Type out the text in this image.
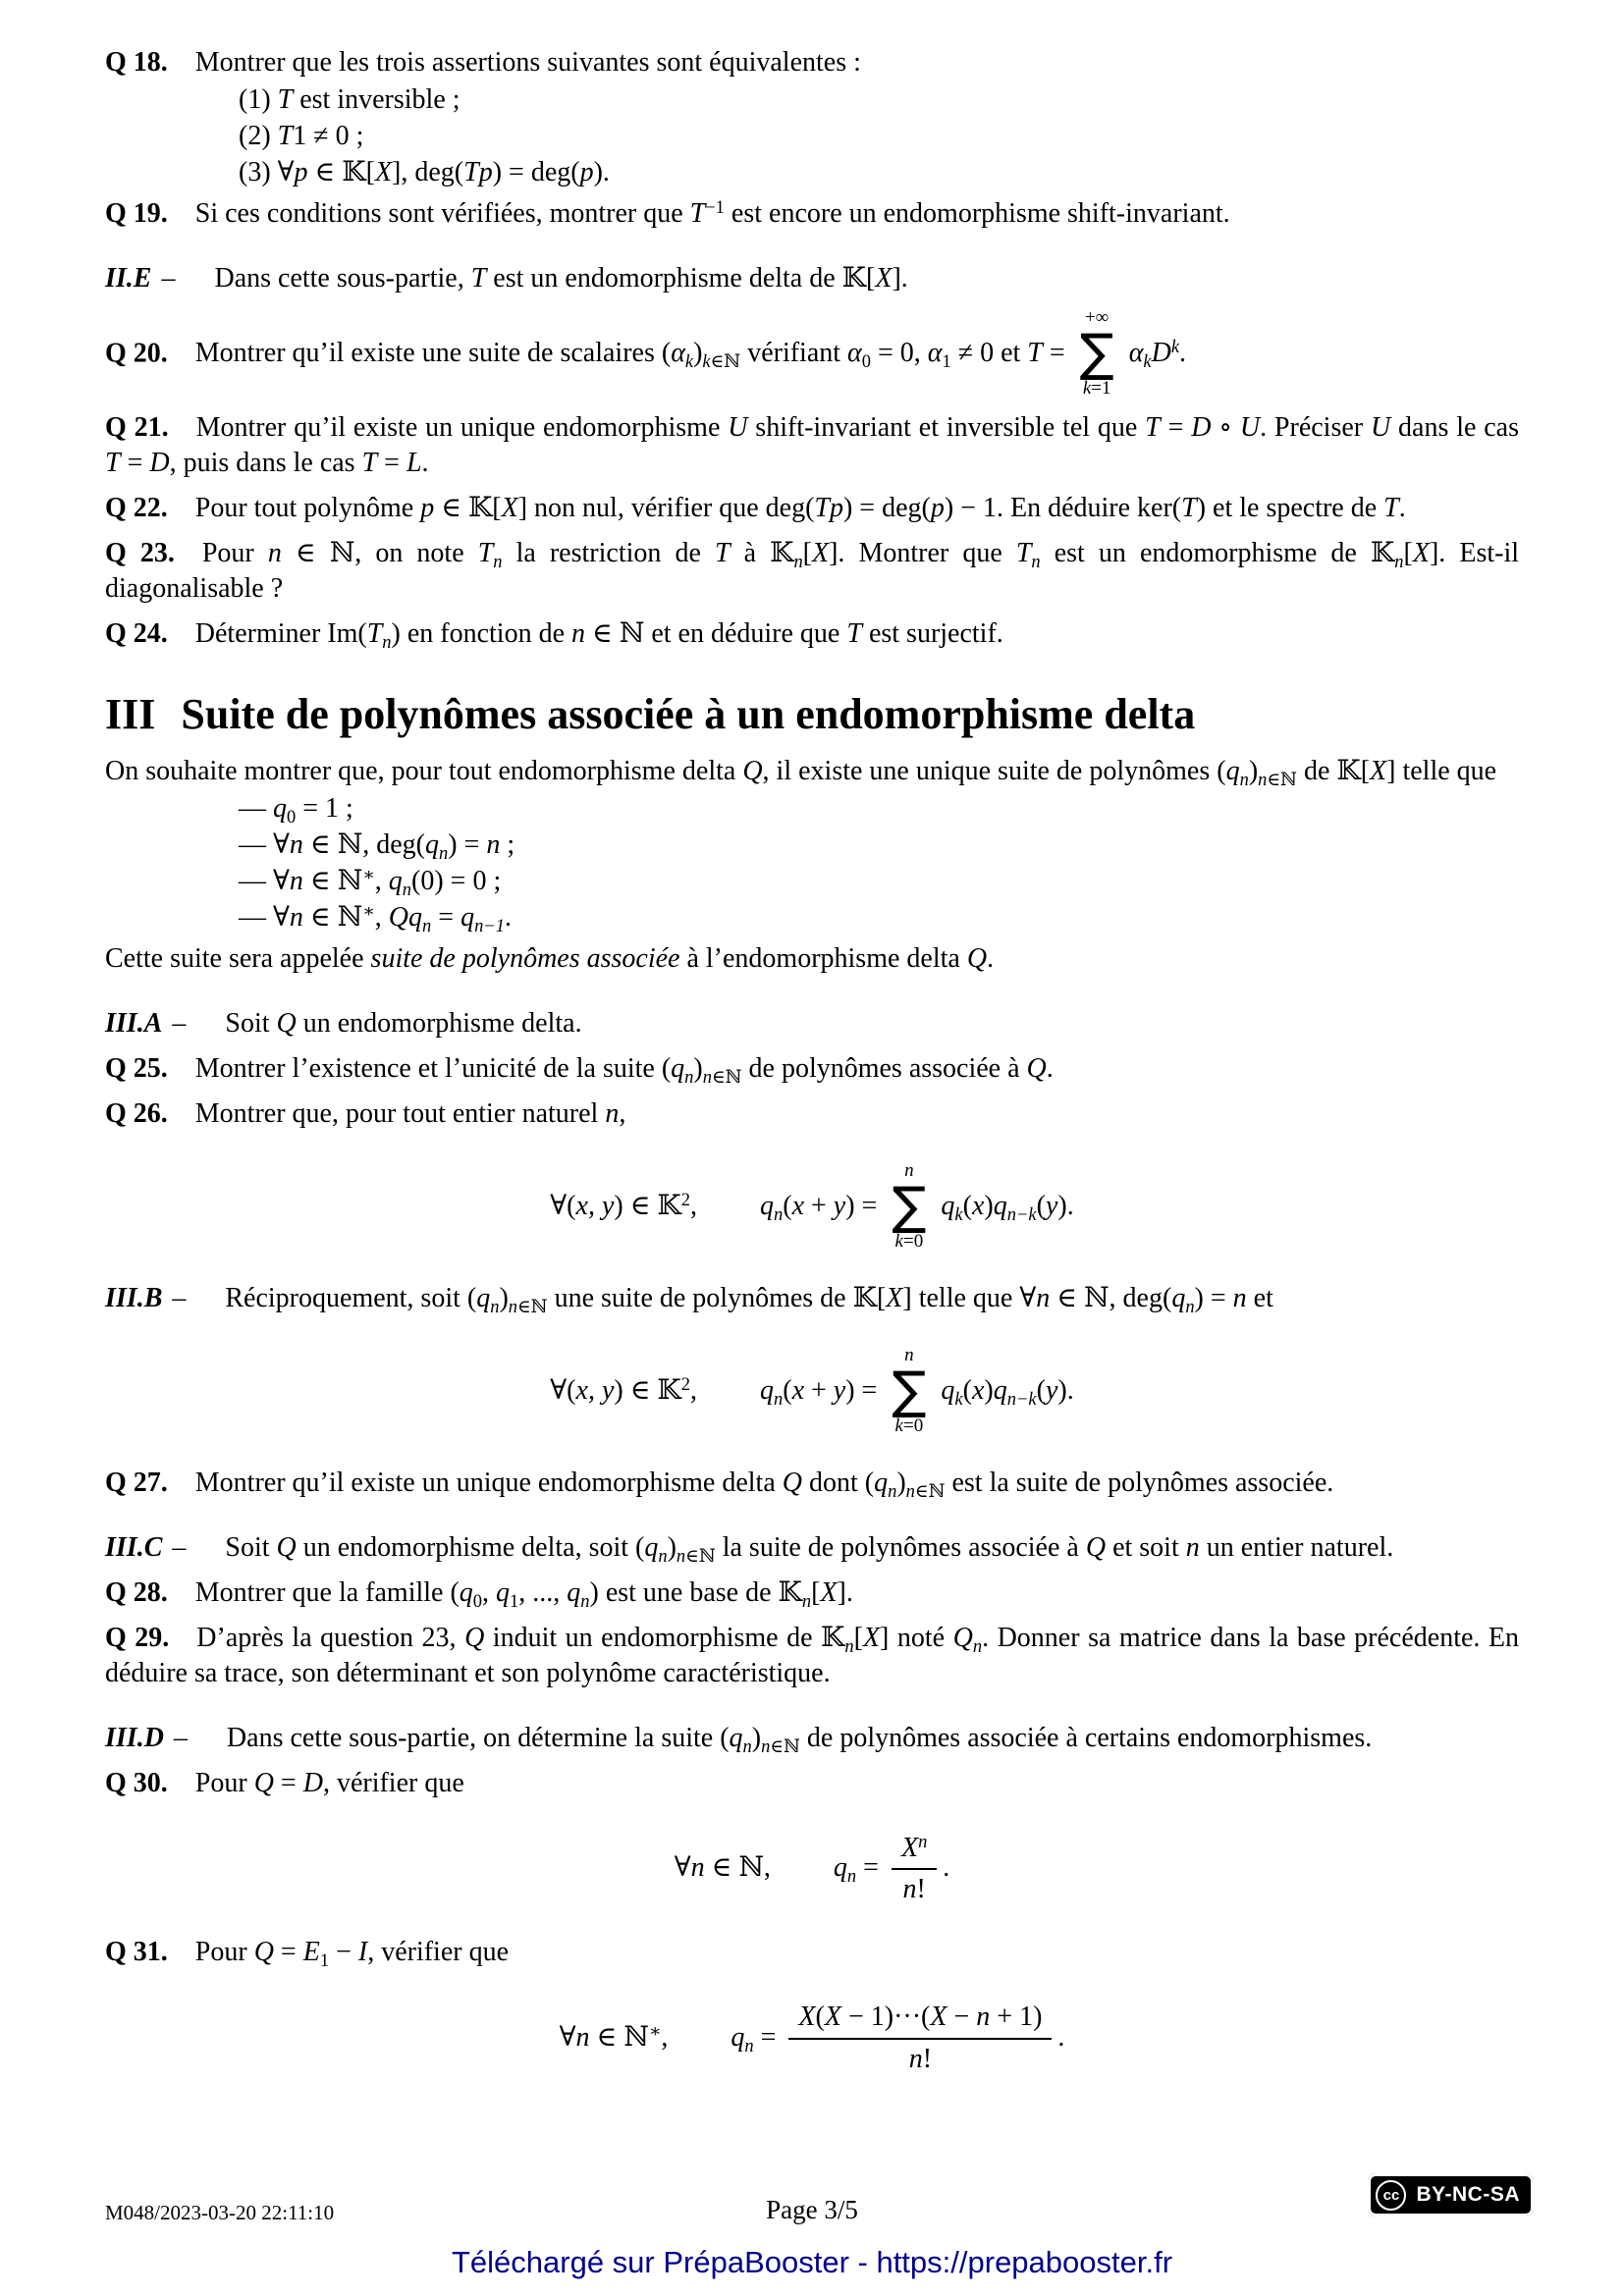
Q 18. Montrer que les trois assertions suivantes sont équivalentes :

(1) T est inversible ;

(2) T1 ≠ 0 ;

(3) ∀p ∈ 𝕂[X], deg(Tp) = deg(p).

Q 19. Si ces conditions sont vérifiées, montrer que $T^{-1}$ est encore un endomorphisme shift-invariant.

II.E – Dans cette sous-partie, T est un endomorphisme delta de 𝕂[X].

Q 20. Montrer qu’il existe une suite de scalaires $(\alpha_k)_{k\in ℕ}$ vérifiant $\alpha_0 = 0$, $\alpha_1 \ne 0$ et T =
+∞
∑
k=1
$\alpha_kD^k$.

Q 21. Montrer qu’il existe un unique endomorphisme U shift-invariant et inversible tel que T = D ∘ U. Préciser U dans le cas T = D, puis dans le cas T = L.

Q 22. Pour tout polynôme p ∈ 𝕂[X] non nul, vérifier que deg(Tp) = deg(p) − 1. En déduire ker(T) et le spectre de T.

Q 23. Pour n ∈ ℕ, on note $T_n$ la restriction de T à 𝕂$_n$[X]. Montrer que $T_n$ est un endomorphisme de 𝕂$_n$[X]. Est-il diagonalisable ?

Q 24. Déterminer $Im(T_n)$ en fonction de n ∈ ℕ et en déduire que T est surjectif.

III Suite de polynômes associée à un endomorphisme delta

On souhaite montrer que, pour tout endomorphisme delta Q, il existe une unique suite de polynômes $(q_n)_{n\in ℕ}$ de 𝕂[X] telle que

— $q_0 = 1$ ;

— ∀n ∈ ℕ, $deg(q_n) = n$ ;

— ∀n ∈ ℕ∗, $q_n(0) = 0$ ;

— ∀n ∈ ℕ∗, $Qq_n = q_{n-1}$.

Cette suite sera appelée suite de polynômes associée à l’endomorphisme delta Q.

III.A – Soit Q un endomorphisme delta.

Q 25. Montrer l’existence et l’unicité de la suite $(q_n)_{n\in ℕ}$ de polynômes associée à Q.

Q 26. Montrer que, pour tout entier naturel n,

∀(x, y) ∈ 𝕂$^2$, $q_n(x + y)$ =
n
∑
k=0
$q_k(x)q_{n-k}(y)$.

III.B – Réciproquement, soit $(q_n)_{n\in ℕ}$ une suite de polynômes de 𝕂[X] telle que ∀n ∈ ℕ, $deg(q_n) = n$ et

∀(x, y) ∈ 𝕂$^2$, $q_n(x + y)$ =
n
∑
k=0
$q_k(x)q_{n-k}(y)$.

Q 27. Montrer qu’il existe un unique endomorphisme delta Q dont $(q_n)_{n\in ℕ}$ est la suite de polynômes associée.

III.C – Soit Q un endomorphisme delta, soit $(q_n)_{n\in ℕ}$ la suite de polynômes associée à Q et soit n un entier naturel.

Q 28. Montrer que la famille ($q_0$, $q_1$, ..., $q_n$) est une base de 𝕂$_n$[X].

Q 29. D’après la question 23, Q induit un endomorphisme de 𝕂$_n$[X] noté $Q_n$. Donner sa matrice dans la base précédente. En déduire sa trace, son déterminant et son polynôme caractéristique.

III.D – Dans cette sous-partie, on détermine la suite $(q_n)_{n\in ℕ}$ de polynômes associée à certains endomorphismes.

Q 30. Pour Q = D, vérifier que

∀n ∈ ℕ, $q_n = \frac{X^n}{n!}$ .

Q 31. Pour $Q = E_1 - I$, vérifier que

∀n ∈ ℕ∗, $q_n = \frac{X(X - 1)\cdot\cdot\cdot(X - n + 1)}{n!}$ .
M048/2023-03-20 22:11:10	Page 3/5	cc BY-NC-SA
Téléchargé sur PrépaBooster - https://prepabooster.fr
